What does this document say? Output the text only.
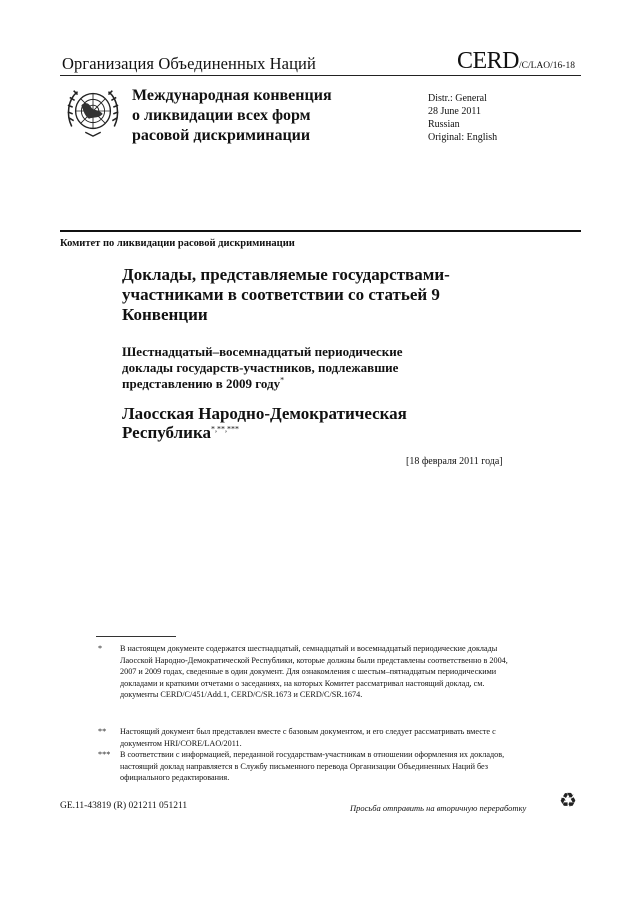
Организация Объединенных Наций	CERD/C/LAO/16-18
Международная конвенция
о ликвидации всех форм
расовой дискриминации
Distr.: General
28 June 2011
Russian
Original: English
Комитет по ликвидации расовой дискриминации
Доклады, представляемые государствами-
участниками в соответствии со статьей 9
Конвенции
Шестнадцатый–восемнадцатый периодические
доклады государств-участников, подлежавшие
представлению в 2009 году*
Лаосская Народно-Демократическая
Республика*,**,***
[18 февраля 2011 года]
* В настоящем документе содержатся шестнадцатый, семнадцатый и восемнадцатый периодические доклады Лаосской Народно-Демократической Республики, которые должны были представлены соответственно в 2004, 2007 и 2009 годах, сведенные в один документ. Для ознакомления с шестым–пятнадцатым периодическими докладами и краткими отчетами о заседаниях, на которых Комитет рассматривал настоящий доклад, см. документы CERD/C/451/Add.1, CERD/C/SR.1673 и CERD/C/SR.1674.
** Настоящий документ был представлен вместе с базовым документом, и его следует рассматривать вместе с документом HRI/CORE/LAO/2011.
*** В соответствии с информацией, переданной государствам-участникам в отношении оформления их докладов, настоящий доклад направляется в Службу письменного перевода Организации Объединенных Наций без официального редактирования.
GE.11-43819 (R) 021211 051211	Просьба отправить на вторичную переработку ♻
